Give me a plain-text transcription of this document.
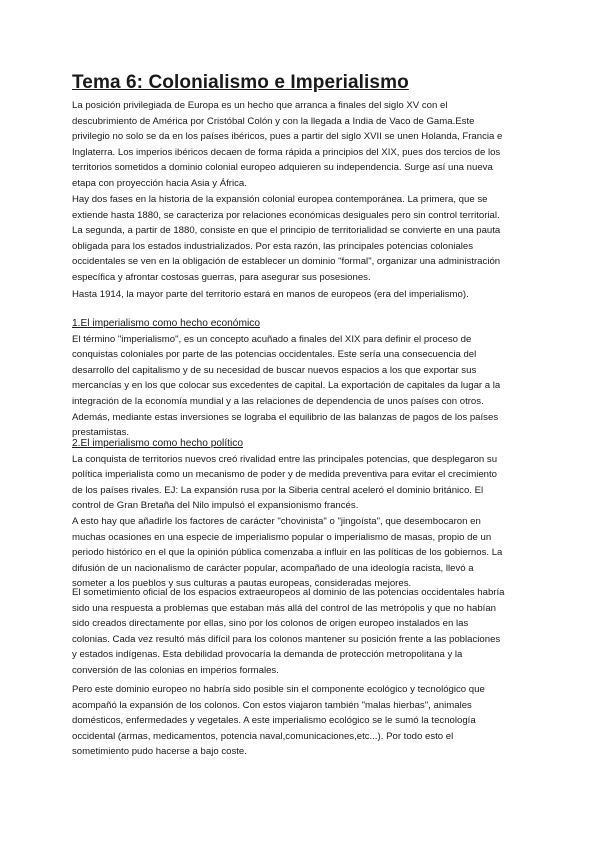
Tema 6: Colonialismo e Imperialismo
La posición privilegiada de Europa es un hecho que arranca a finales del siglo XV con el
descubrimiento de América por Cristóbal Colón y con la llegada a India de Vaco de Gama.Este
privilegio no solo se da en los países ibéricos, pues a partir del siglo XVII se unen Holanda, Francia e
Inglaterra. Los imperios ibéricos decaen de forma rápida a principios del XIX, pues dos tercios de los
territorios sometidos a dominio colonial europeo adquieren su independencia. Surge así una nueva
etapa con proyección hacia Asia y África.
Hay dos fases en la historia de la expansión colonial europea contemporánea. La primera, que se
extiende hasta 1880, se caracteriza por relaciones económicas desiguales pero sin control territorial.
La segunda, a partir de 1880, consiste en que el principio de territorialidad se convierte en una pauta
obligada para los estados industrializados. Por esta razón, las principales potencias coloniales
occidentales se ven en la obligación de establecer un dominio "formal", organizar una administración
específica y afrontar costosas guerras, para asegurar sus posesiones.
Hasta 1914, la mayor parte del territorio estará en manos de europeos (era del imperialismo).
1.El imperialismo como hecho económico
El término "imperialismo", es un concepto acuñado a finales del XIX para definir el proceso de
conquistas coloniales por parte de las potencias occidentales. Este sería una consecuencia del
desarrollo del capitalismo y de su necesidad de buscar nuevos espacios a los que exportar sus
mercancías y en los que colocar sus excedentes de capital. La exportación de capitales da lugar a la
integración de la economía mundial y a las relaciones de dependencia de unos países con otros.
Además, mediante estas inversiones se lograba el equilibrio de las balanzas de pagos de los países
prestamistas.
2.El imperialismo como hecho político
La conquista de territorios nuevos creó rivalidad entre las principales potencias, que desplegaron su
política imperialista como un mecanismo de poder y de medida preventiva para evitar el crecimiento
de los países rivales. EJ: La expansión rusa por la Siberia central aceleró el dominio británico. El
control de Gran Bretaña del Nilo impulsó el expansionismo francés.
A esto hay que añadirle los factores de carácter "chovinista" o "jingoísta", que desembocaron en
muchas ocasiones en una especie de imperialismo popular o imperialismo de masas, propio de un
periodo histórico en el que la opinión pública comenzaba a influir en las políticas de los gobiernos. La
difusión de un nacionalismo de carácter popular, acompañado de una ideología racista, llevó a
someter a los pueblos y sus culturas a pautas europeas, consideradas mejores.
El sometimiento oficial de los espacios extraeuropeos al dominio de las potencias occidentales habría
sido una respuesta a problemas que estaban más allá del control de las metrópolis y que no habían
sido creados directamente por ellas, sino por los colonos de origen europeo instalados en las
colonias. Cada vez resultó más difícil para los colonos mantener su posición frente a las poblaciones
y estados indígenas. Esta debilidad provocaría la demanda de protección metropolitana y la
conversión de las colonias en imperios formales.
Pero este dominio europeo no habría sido posible sin el componente ecológico y tecnológico que
acompañó la expansión de los colonos. Con estos viajaron también "malas hierbas", animales
domésticos, enfermedades y vegetales. A este imperialismo ecológico se le sumó la tecnología
occidental (armas, medicamentos, potencia naval,comunicaciones,etc...). Por todo esto el
sometimiento pudo hacerse a bajo coste.
